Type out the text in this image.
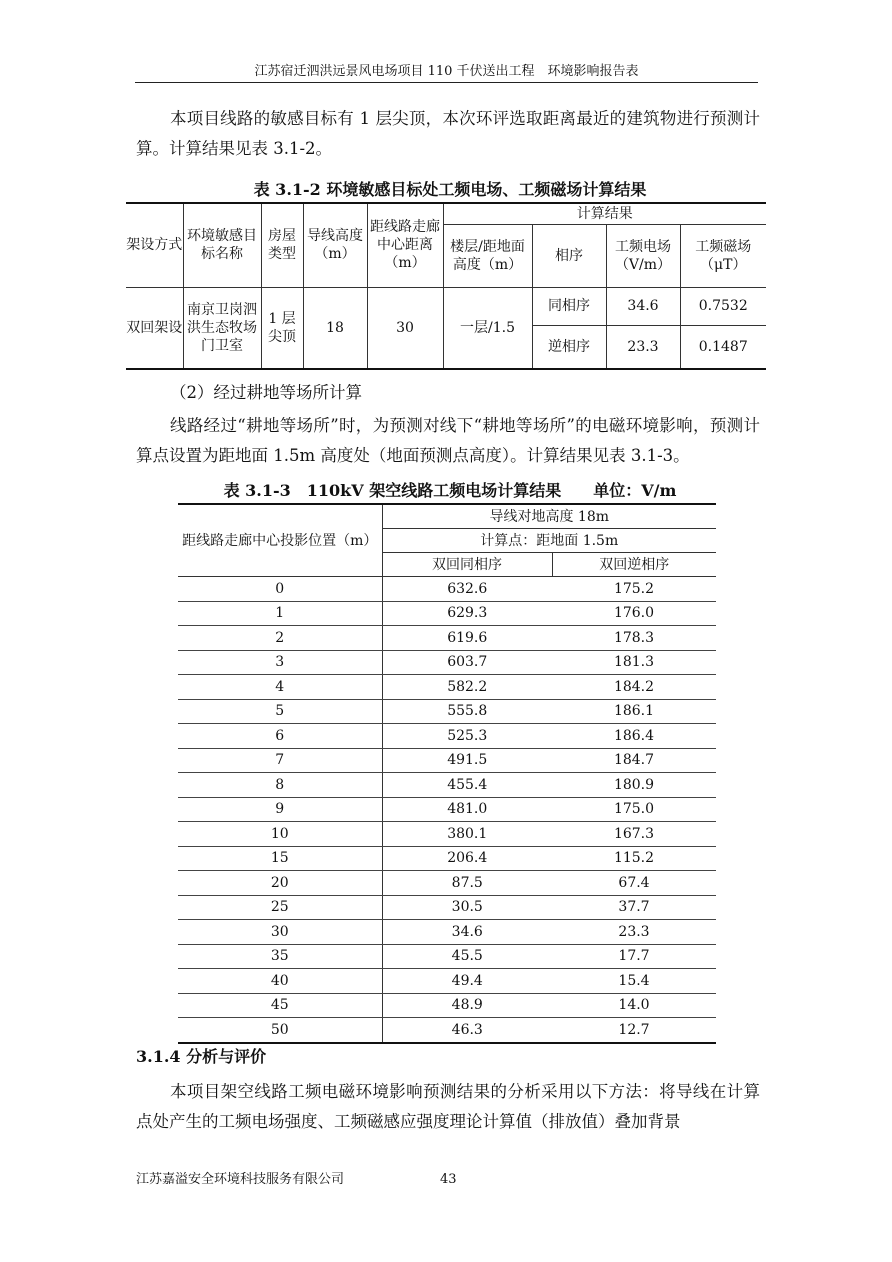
江苏宿迁泗洪远景风电场项目 110 千伏送出工程　环境影响报告表

本项目线路的敏感目标有 1 层尖顶，本次环评选取距离最近的建筑物进行预测计算。计算结果见表 3.1-2。

表 3.1-2 环境敏感目标处工频电场、工频磁场计算结果
架设方式	环境敏感目标名称	房屋类型	导线高度（m）	距线路走廊中心距离（m）	计算结果			
					楼层/距地面高度（m）	相序	工频电场（V/m）	工频磁场（μT）
双回架设	南京卫岗泗洪生态牧场门卫室	1 层尖顶	18	30	一层/1.5	同相序	34.6	0.7532
						逆相序	23.3	0.1487

（2）经过耕地等场所计算

线路经过“耕地等场所”时，为预测对线下“耕地等场所”的电磁环境影响，预测计算点设置为距地面 1.5m 高度处（地面预测点高度）。计算结果见表 3.1-3。

表 3.1-3　110kV 架空线路工频电场计算结果　　单位：V/m
距线路走廊中心投影位置（m）	导线对地高度 18m	
	计算点：距地面 1.5m	
	双回同相序	双回逆相序
0	632.6	175.2
1	629.3	176.0
2	619.6	178.3
3	603.7	181.3
4	582.2	184.2
5	555.8	186.1
6	525.3	186.4
7	491.5	184.7
8	455.4	180.9
9	481.0	175.0
10	380.1	167.3
15	206.4	115.2
20	87.5	67.4
25	30.5	37.7
30	34.6	23.3
35	45.5	17.7
40	49.4	15.4
45	48.9	14.0
50	46.3	12.7
3.1.4 分析与评价

本项目架空线路工频电磁环境影响预测结果的分析采用以下方法：将导线在计算点处产生的工频电场强度、工频磁感应强度理论计算值（排放值）叠加背景

江苏嘉溢安全环境科技服务有限公司	43
